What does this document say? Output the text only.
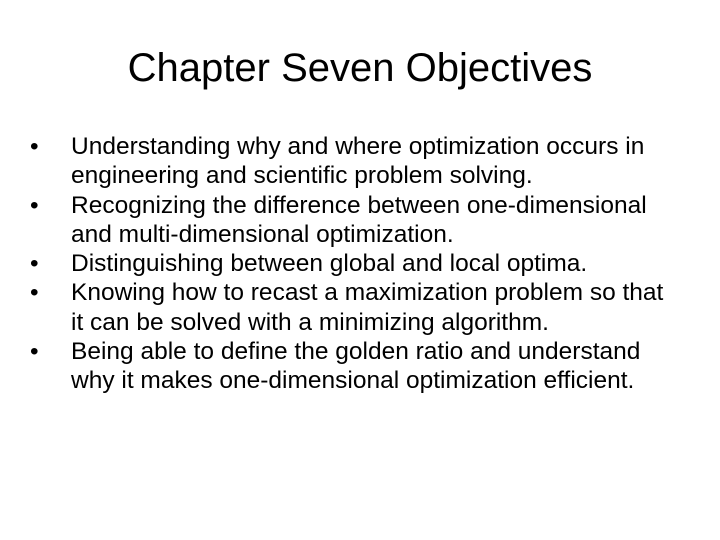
Chapter Seven Objectives
•	Understanding why and where optimization occurs in engineering and scientific problem solving.
•	Recognizing the difference between one-dimensional and multi-dimensional optimization.
•	Distinguishing between global and local optima.
•	Knowing how to recast a maximization problem so that it can be solved with a minimizing algorithm.
•	Being able to define the golden ratio and understand why it makes one-dimensional optimization efficient.
